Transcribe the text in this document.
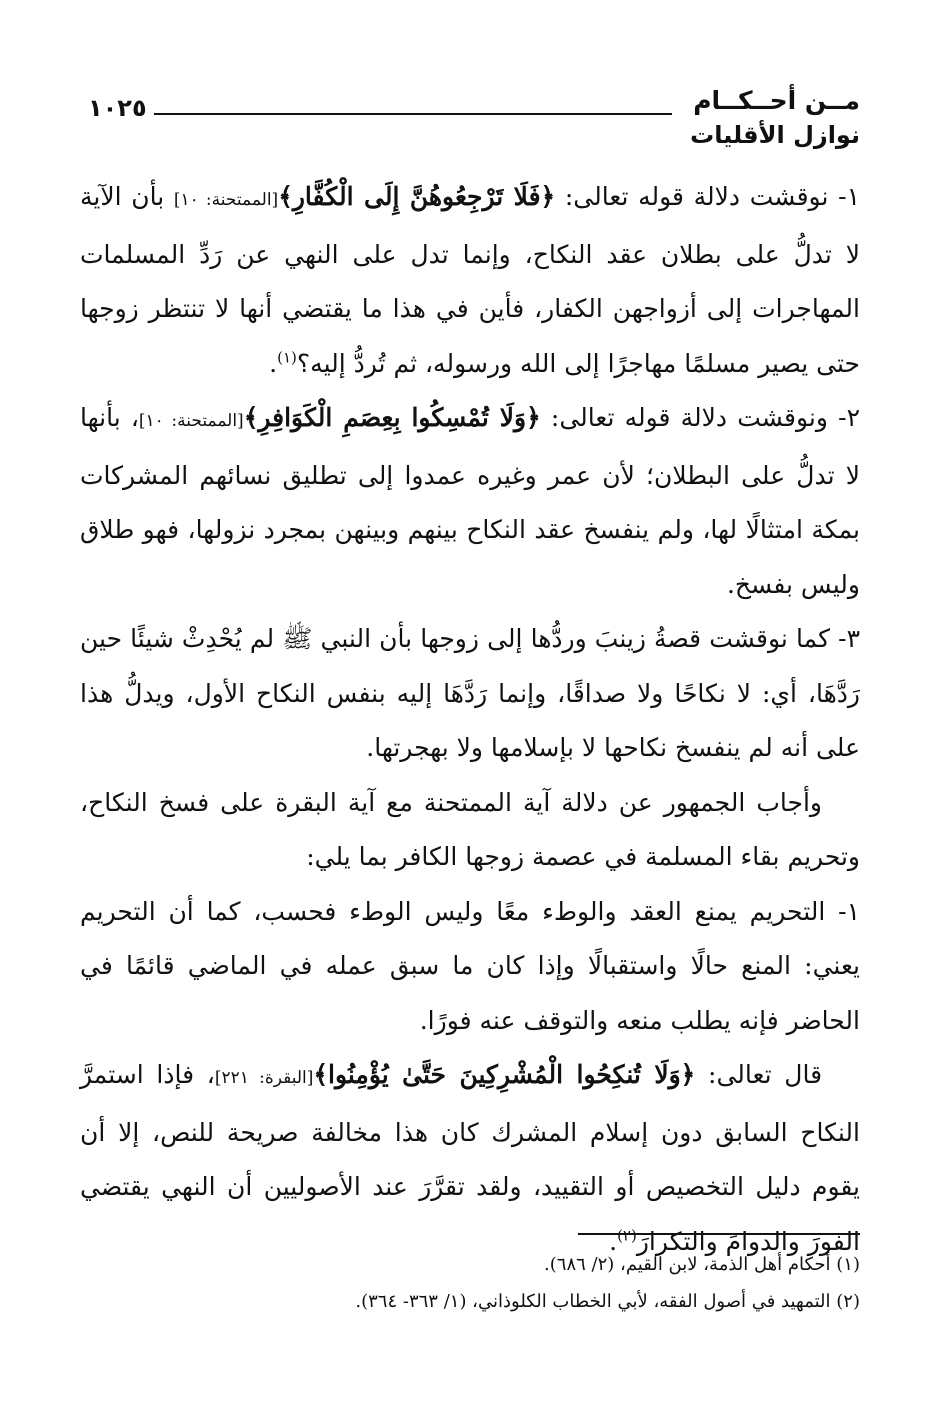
مــن أحــكــام
نوازل الأقليات
١٠٢٥

١- نوقشت دلالة قوله تعالى: ﴿فَلَا تَرْجِعُوهُنَّ إِلَى الْكُفَّارِ﴾[الممتحنة: ١٠] بأن الآية لا تدلُّ على بطلان عقد النكاح، وإنما تدل على النهي عن رَدِّ المسلمات المهاجرات إلى أزواجهن الكفار، فأين في هذا ما يقتضي أنها لا تنتظر زوجها حتى يصير مسلمًا مهاجرًا إلى الله ورسوله، ثم تُردُّ إليه؟$^{(١)}$.

٢- ونوقشت دلالة قوله تعالى: ﴿وَلَا تُمْسِكُوا بِعِصَمِ الْكَوَافِرِ﴾[الممتحنة: ١٠]، بأنها لا تدلُّ على البطلان؛ لأن عمر وغيره عمدوا إلى تطليق نسائهم المشركات بمكة امتثالًا لها، ولم ينفسخ عقد النكاح بينهم وبينهن بمجرد نزولها، فهو طلاق وليس بفسخ.

٣- كما نوقشت قصةُ زينبَ وردُّها إلى زوجها بأن النبي ﷺ لم يُحْدِثْ شيئًا حين رَدَّهَا، أي: لا نكاحًا ولا صداقًا، وإنما رَدَّهَا إليه بنفس النكاح الأول، ويدلُّ هذا على أنه لم ينفسخ نكاحها لا بإسلامها ولا بهجرتها.

وأجاب الجمهور عن دلالة آية الممتحنة مع آية البقرة على فسخ النكاح، وتحريم بقاء المسلمة في عصمة زوجها الكافر بما يلي:

١- التحريم يمنع العقد والوطء معًا وليس الوطء فحسب، كما أن التحريم يعني: المنع حالًا واستقبالًا وإذا كان ما سبق عمله في الماضي قائمًا في الحاضر فإنه يطلب منعه والتوقف عنه فورًا.

قال تعالى: ﴿وَلَا تُنكِحُوا الْمُشْرِكِينَ حَتَّىٰ يُؤْمِنُوا﴾[البقرة: ٢٢١]، فإذا استمرَّ النكاح السابق دون إسلام المشرك كان هذا مخالفة صريحة للنص، إلا أن يقوم دليل التخصيص أو التقييد، ولقد تقرَّرَ عند الأصوليين أن النهي يقتضي الفورَ والدوامَ والتكرارَ$^{(٢)}$.

(١) أحكام أهل الذمة، لابن القيم، (٢/ ٦٨٦).

(٢) التمهيد في أصول الفقه، لأبي الخطاب الكلوذاني، (١/ ٣٦٣- ٣٦٤).
